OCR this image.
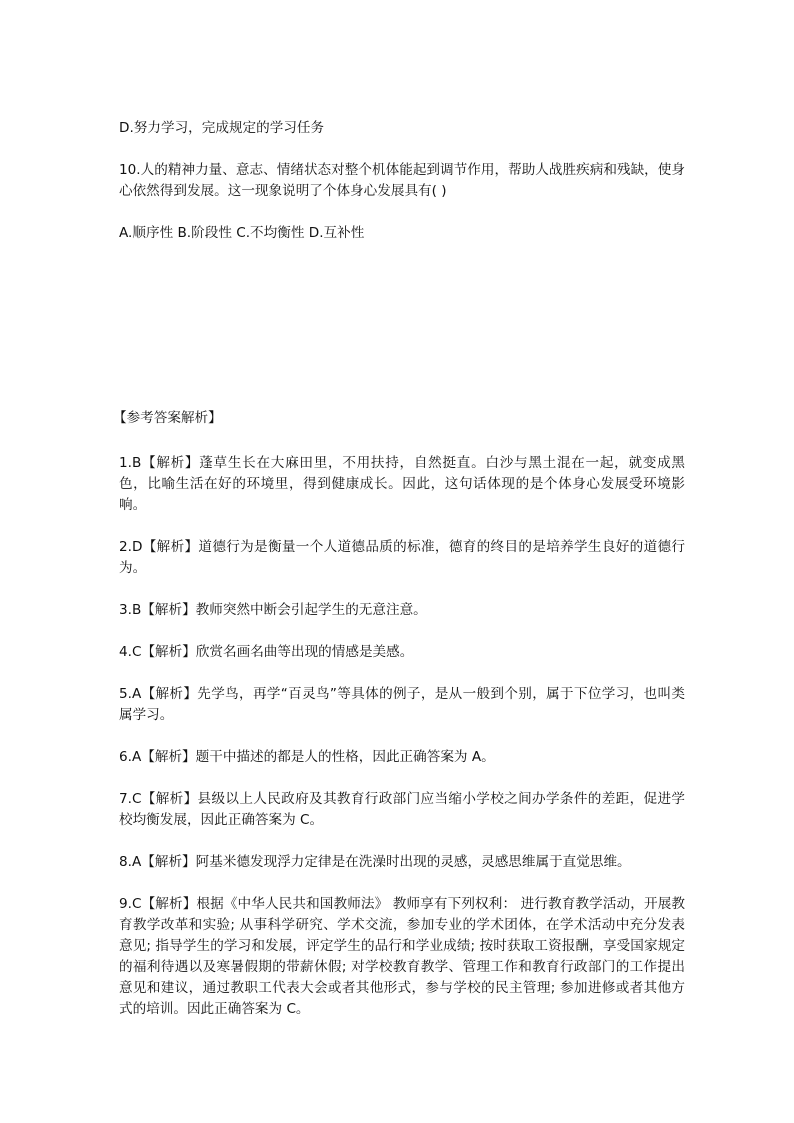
D.努力学习，完成规定的学习任务

10.人的精神力量、意志、情绪状态对整个机体能起到调节作用，帮助人战胜疾病和残缺，使身心依然得到发展。这一现象说明了个体身心发展具有( )

A.顺序性 B.阶段性 C.不均衡性 D.互补性

【参考答案解析】

1.B【解析】蓬草生长在大麻田里，不用扶持，自然挺直。白沙与黑土混在一起，就变成黑色，比喻生活在好的环境里，得到健康成长。因此，这句话体现的是个体身心发展受环境影响。

2.D【解析】道德行为是衡量一个人道德品质的标准，德育的终目的是培养学生良好的道德行为。

3.B【解析】教师突然中断会引起学生的无意注意。

4.C【解析】欣赏名画名曲等出现的情感是美感。

5.A【解析】先学鸟，再学“百灵鸟”等具体的例子，是从一般到个别，属于下位学习，也叫类属学习。

6.A【解析】题干中描述的都是人的性格，因此正确答案为 A。

7.C【解析】县级以上人民政府及其教育行政部门应当缩小学校之间办学条件的差距，促进学校均衡发展，因此正确答案为 C。

8.A【解析】阿基米德发现浮力定律是在洗澡时出现的灵感，灵感思维属于直觉思维。

9.C【解析】根据《中华人民共和国教师法》 教师享有下列权利： 进行教育教学活动，开展教育教学改革和实验; 从事科学研究、学术交流，参加专业的学术团体，在学术活动中充分发表意见; 指导学生的学习和发展，评定学生的品行和学业成绩; 按时获取工资报酬，享受国家规定的福利待遇以及寒暑假期的带薪休假; 对学校教育教学、管理工作和教育行政部门的工作提出意见和建议，通过教职工代表大会或者其他形式，参与学校的民主管理; 参加进修或者其他方式的培训。因此正确答案为 C。
